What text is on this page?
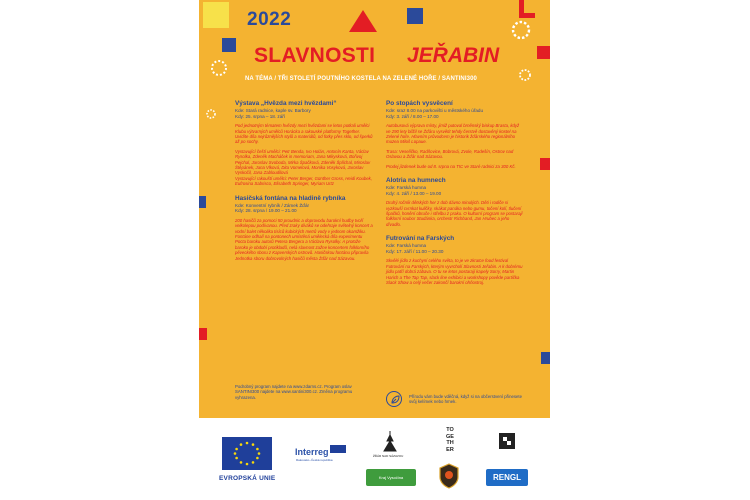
2022
SLAVNOSTI JEŘABIN
NA TÉMA / TŘI STOLETÍ POUTNÍHO KOSTELA NA ZELENÉ HOŘE / SANTINI300
Výstava „Hvězda mezi hvězdami“
Kde: Stará radnice, kaple sv. Barbory
Kdy: 25. srpna – 18. září
Pod jednotným tématem hvězdy mezi hvězdami se letos potkali umělci Klubu výtvarných umělců Horácka a rakouské platformy Together. Uvidíte díla nejrůznějších stylů a materiálů, od fotky přes sklo, od šperků až po sochy.
Vystavující čeští umělci: Petr Benda, Ivo Holán, Antonín Kanta, Václav Rysolka, Zdeněk Macháček in memoriam, Jana Mikysková, Bořivoj Pejchal, Jaroslav Svoboda, Mirka Špačková, Zdeněk Šplíchal, Miroslav Štěpánek, Jana Vlková, Dita Vomelová, Monika Vosyková, Jaroslav Vyskočil, Jana Zabloudilová
Vystavující rakouští umělci: Peter Berger, Günther Gross, Heidi Koubek, Eufrosina Sabrisco, Elisabeth Springer, Myriam Urtz
Hasičská fontána na hladině rybníka
Kde: Konventní rybník / Zámek Žďár
Kdy: 28. srpna / 19.00 – 21.00
200 hasičů za pomoci 50 proudnic a doprovodu barokní hudby tvoří velkolepou podívanou. Před zraky diváků se odehraje světelný koncert a vodní balet několika tisíců kubických metrů vody v jednom okamžiku. Fontáne odhalí na pontonech umístěná umělecká díla experimentu Pocta baroku autorů Petera Bergera a Václava Rysolky. A protože baroko je období protikladů, nelá slavnost zažne koncertem folklorního pěveckého sboru z Kapverských ostrovů. Hasičskou fontánu připravila Jednotka sboru dobrovolných hasičů města Žďár nad Sázavou.
Po stopách vysvěcení
Kde: sraz 8.00 na parkovišti u městského úřadu
Kdy: 3. září / 8.00 – 17.00
Autobusová výprava místy, jimiž putoval brněnský biskup Brasta, když ve 290 lety blížil se Žďáru vysvětit tehdy čerstvě dostavěný kostel na Zelené hoře. Hlavním průvodcem je historik žďárského regionálního muzea Miloš Lopaue.
Trasa: Veselíčko, Radňovice, Bobrová, Zvole, Radešín, Ostrov nad Oslavou a Žďár nad Sázavou.
Prodej jízdenek bude od 8. srpna na TIC ve Staré radnici za 300 Kč.
Alotria na humnech
Kde: Farská humna
Kdy: 4. září / 13.00 – 19.00
Druhý ročník dětských her z dob dávno minulých. Děti i rodiče si vyzkouší cvrnkat kuličky, skákat panáka nebo gumu, točení kolí, tlučení špačků, honění obruče i střelbu z praku. O kulturní program se postarají folklorní soubor Studánka, orchestr Richband, Jan Hrubec a jeho dívadlo.
Futrování na Farských
Kde: Farská humna
Kdy: 17. září / 11.00 – 20.30
Skvělé jídlo z kuchyní celého světa, to je ve zkratce food festival Futrování na Farských, kterým vyvrcholí Slavnosti Jeřabin. A k dobrému jídlu patří dobrá zábava. O tu se letos postarají kapely Sorry, Martin Harich a The Tap Tap, slack line exhibici a workshopy pověde partička Slack Show a celý večer zakončí barokní ohňostroj.
Podrobný program najdete na www.zdarns.cz. Program oslav SANTINI300 najdete na www.santini300.cz. Změna programu vyhrazena.	Přírodu vám bude vděčná, když si na občerstvení přinesete svůj kelímek nebo hrnek.
EVROPSKÁ UNIE
Interreg
Rakousko–Česká republika
ŽĎÁR NAD SÁZAVOU
TO GE TH ER
Kraj Vysočina	RENGL
